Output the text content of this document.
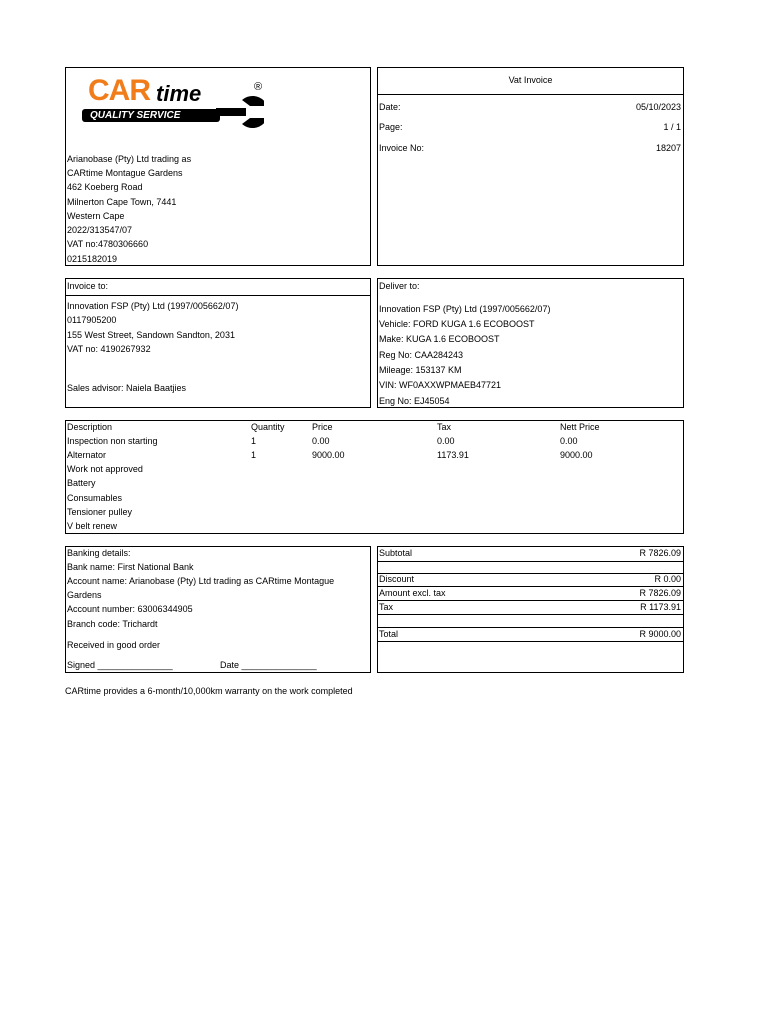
CAR time	®
QUALITY SERVICE
Arianobase (Pty) Ltd trading as
CARtime Montague Gardens
462 Koeberg Road
Milnerton Cape Town, 7441
Western Cape
2022/313547/07
VAT no:4780306660
0215182019
Vat Invoice
Date:	05/10/2023
Page:	1 / 1
Invoice No:	18207
Invoice to:
Innovation FSP (Pty) Ltd (1997/005662/07)
0117905200
155 West Street, Sandown Sandton, 2031
VAT no: 4190267932
Sales advisor: Naiela Baatjies
Deliver to:
Innovation FSP (Pty) Ltd (1997/005662/07)
Vehicle: FORD KUGA 1.6 ECOBOOST
Make: KUGA 1.6 ECOBOOST
Reg No: CAA284243
Mileage: 153137 KM
VIN: WF0AXXWPMAEB47721
Eng No: EJ45054
Description	Quantity	Price	Tax	Nett Price
Inspection non starting	1	0.00	0.00	0.00
Alternator	1	9000.00	1173.91	9000.00
Work not approved
Battery
Consumables
Tensioner pulley
V belt renew
Banking details:
Bank name: First National Bank
Account name: Arianobase (Pty) Ltd trading as CARtime Montague
Gardens
Account number: 63006344905
Branch code: Trichardt
Received in good order
Signed _______________	Date _______________
Subtotal	R 7826.09
Discount	R 0.00
Amount excl. tax	R 7826.09
Tax	R 1173.91
Total	R 9000.00
CARtime provides a 6-month/10,000km warranty on the work completed
